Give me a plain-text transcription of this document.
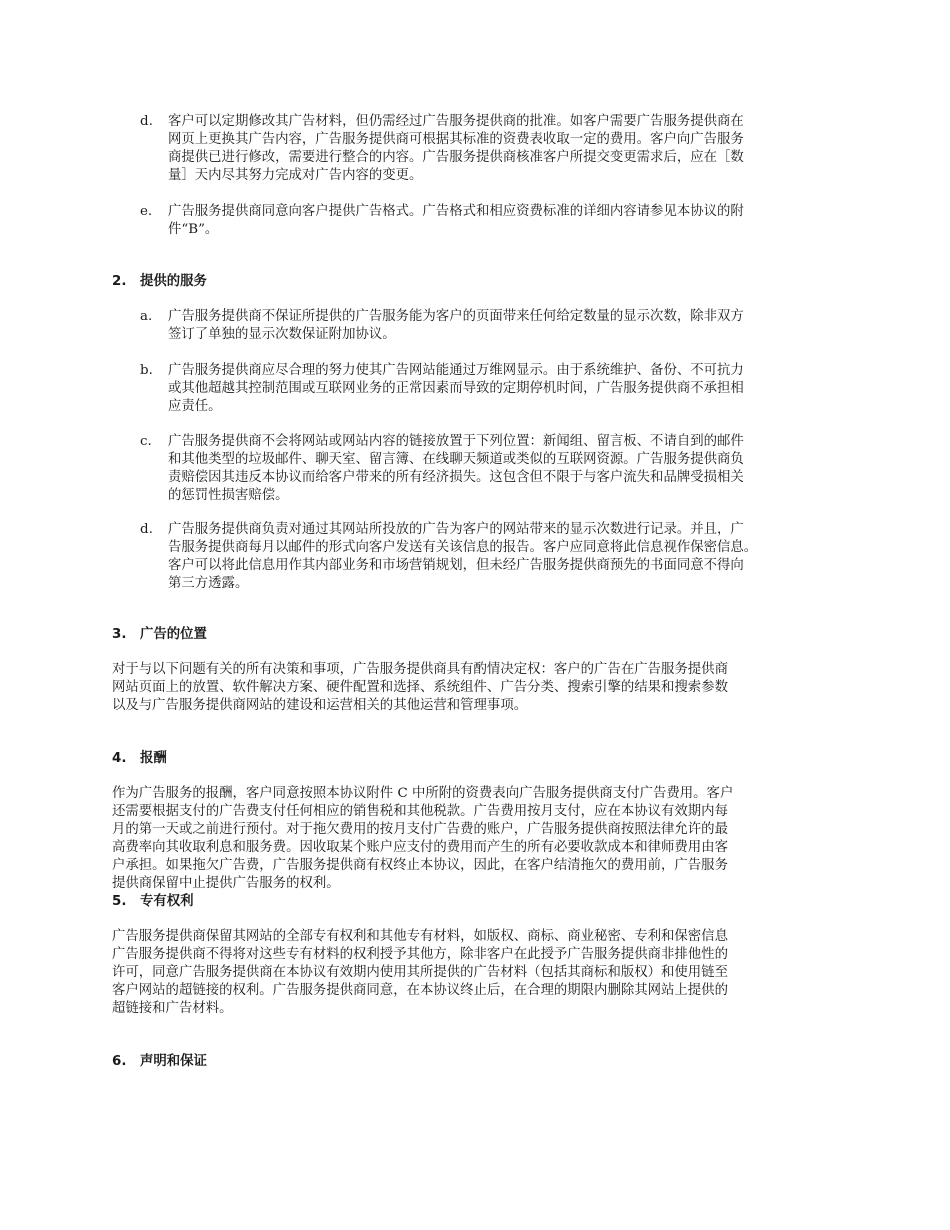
d. 客户可以定期修改其广告材料，但仍需经过广告服务提供商的批准。如客户需要广告服务提供商在
网页上更换其广告内容，广告服务提供商可根据其标准的资费表收取一定的费用。客户向广告服务
商提供已进行修改，需要进行整合的内容。广告服务提供商核准客户所提交变更需求后，应在［数
量］天内尽其努力完成对广告内容的变更。
e. 广告服务提供商同意向客户提供广告格式。广告格式和相应资费标准的详细内容请参见本协议的附
件“B”。
2. 提供的服务
a. 广告服务提供商不保证所提供的广告服务能为客户的页面带来任何给定数量的显示次数，除非双方
签订了单独的显示次数保证附加协议。
b. 广告服务提供商应尽合理的努力使其广告网站能通过万维网显示。由于系统维护、备份、不可抗力
或其他超越其控制范围或互联网业务的正常因素而导致的定期停机时间，广告服务提供商不承担相
应责任。
c. 广告服务提供商不会将网站或网站内容的链接放置于下列位置：新闻组、留言板、不请自到的邮件
和其他类型的垃圾邮件、聊天室、留言簿、在线聊天频道或类似的互联网资源。广告服务提供商负
责赔偿因其违反本协议而给客户带来的所有经济损失。这包含但不限于与客户流失和品牌受损相关
的惩罚性损害赔偿。
d. 广告服务提供商负责对通过其网站所投放的广告为客户的网站带来的显示次数进行记录。并且，广
告服务提供商每月以邮件的形式向客户发送有关该信息的报告。客户应同意将此信息视作保密信息。
客户可以将此信息用作其内部业务和市场营销规划，但未经广告服务提供商预先的书面同意不得向
第三方透露。
3. 广告的位置
对于与以下问题有关的所有决策和事项，广告服务提供商具有酌情决定权：客户的广告在广告服务提供商
网站页面上的放置、软件解决方案、硬件配置和选择、系统组件、广告分类、搜索引擎的结果和搜索参数
以及与广告服务提供商网站的建设和运营相关的其他运营和管理事项。
4. 报酬
作为广告服务的报酬，客户同意按照本协议附件 C 中所附的资费表向广告服务提供商支付广告费用。客户
还需要根据支付的广告费支付任何相应的销售税和其他税款。广告费用按月支付，应在本协议有效期内每
月的第一天或之前进行预付。对于拖欠费用的按月支付广告费的账户，广告服务提供商按照法律允许的最
高费率向其收取利息和服务费。因收取某个账户应支付的费用而产生的所有必要收款成本和律师费用由客
户承担。如果拖欠广告费，广告服务提供商有权终止本协议，因此，在客户结清拖欠的费用前，广告服务
提供商保留中止提供广告服务的权利。
5. 专有权利
广告服务提供商保留其网站的全部专有权利和其他专有材料，如版权、商标、商业秘密、专利和保密信息
广告服务提供商不得将对这些专有材料的权利授予其他方，除非客户在此授予广告服务提供商非排他性的
许可，同意广告服务提供商在本协议有效期内使用其所提供的广告材料（包括其商标和版权）和使用链至
客户网站的超链接的权利。广告服务提供商同意，在本协议终止后，在合理的期限内删除其网站上提供的
超链接和广告材料。
6. 声明和保证
